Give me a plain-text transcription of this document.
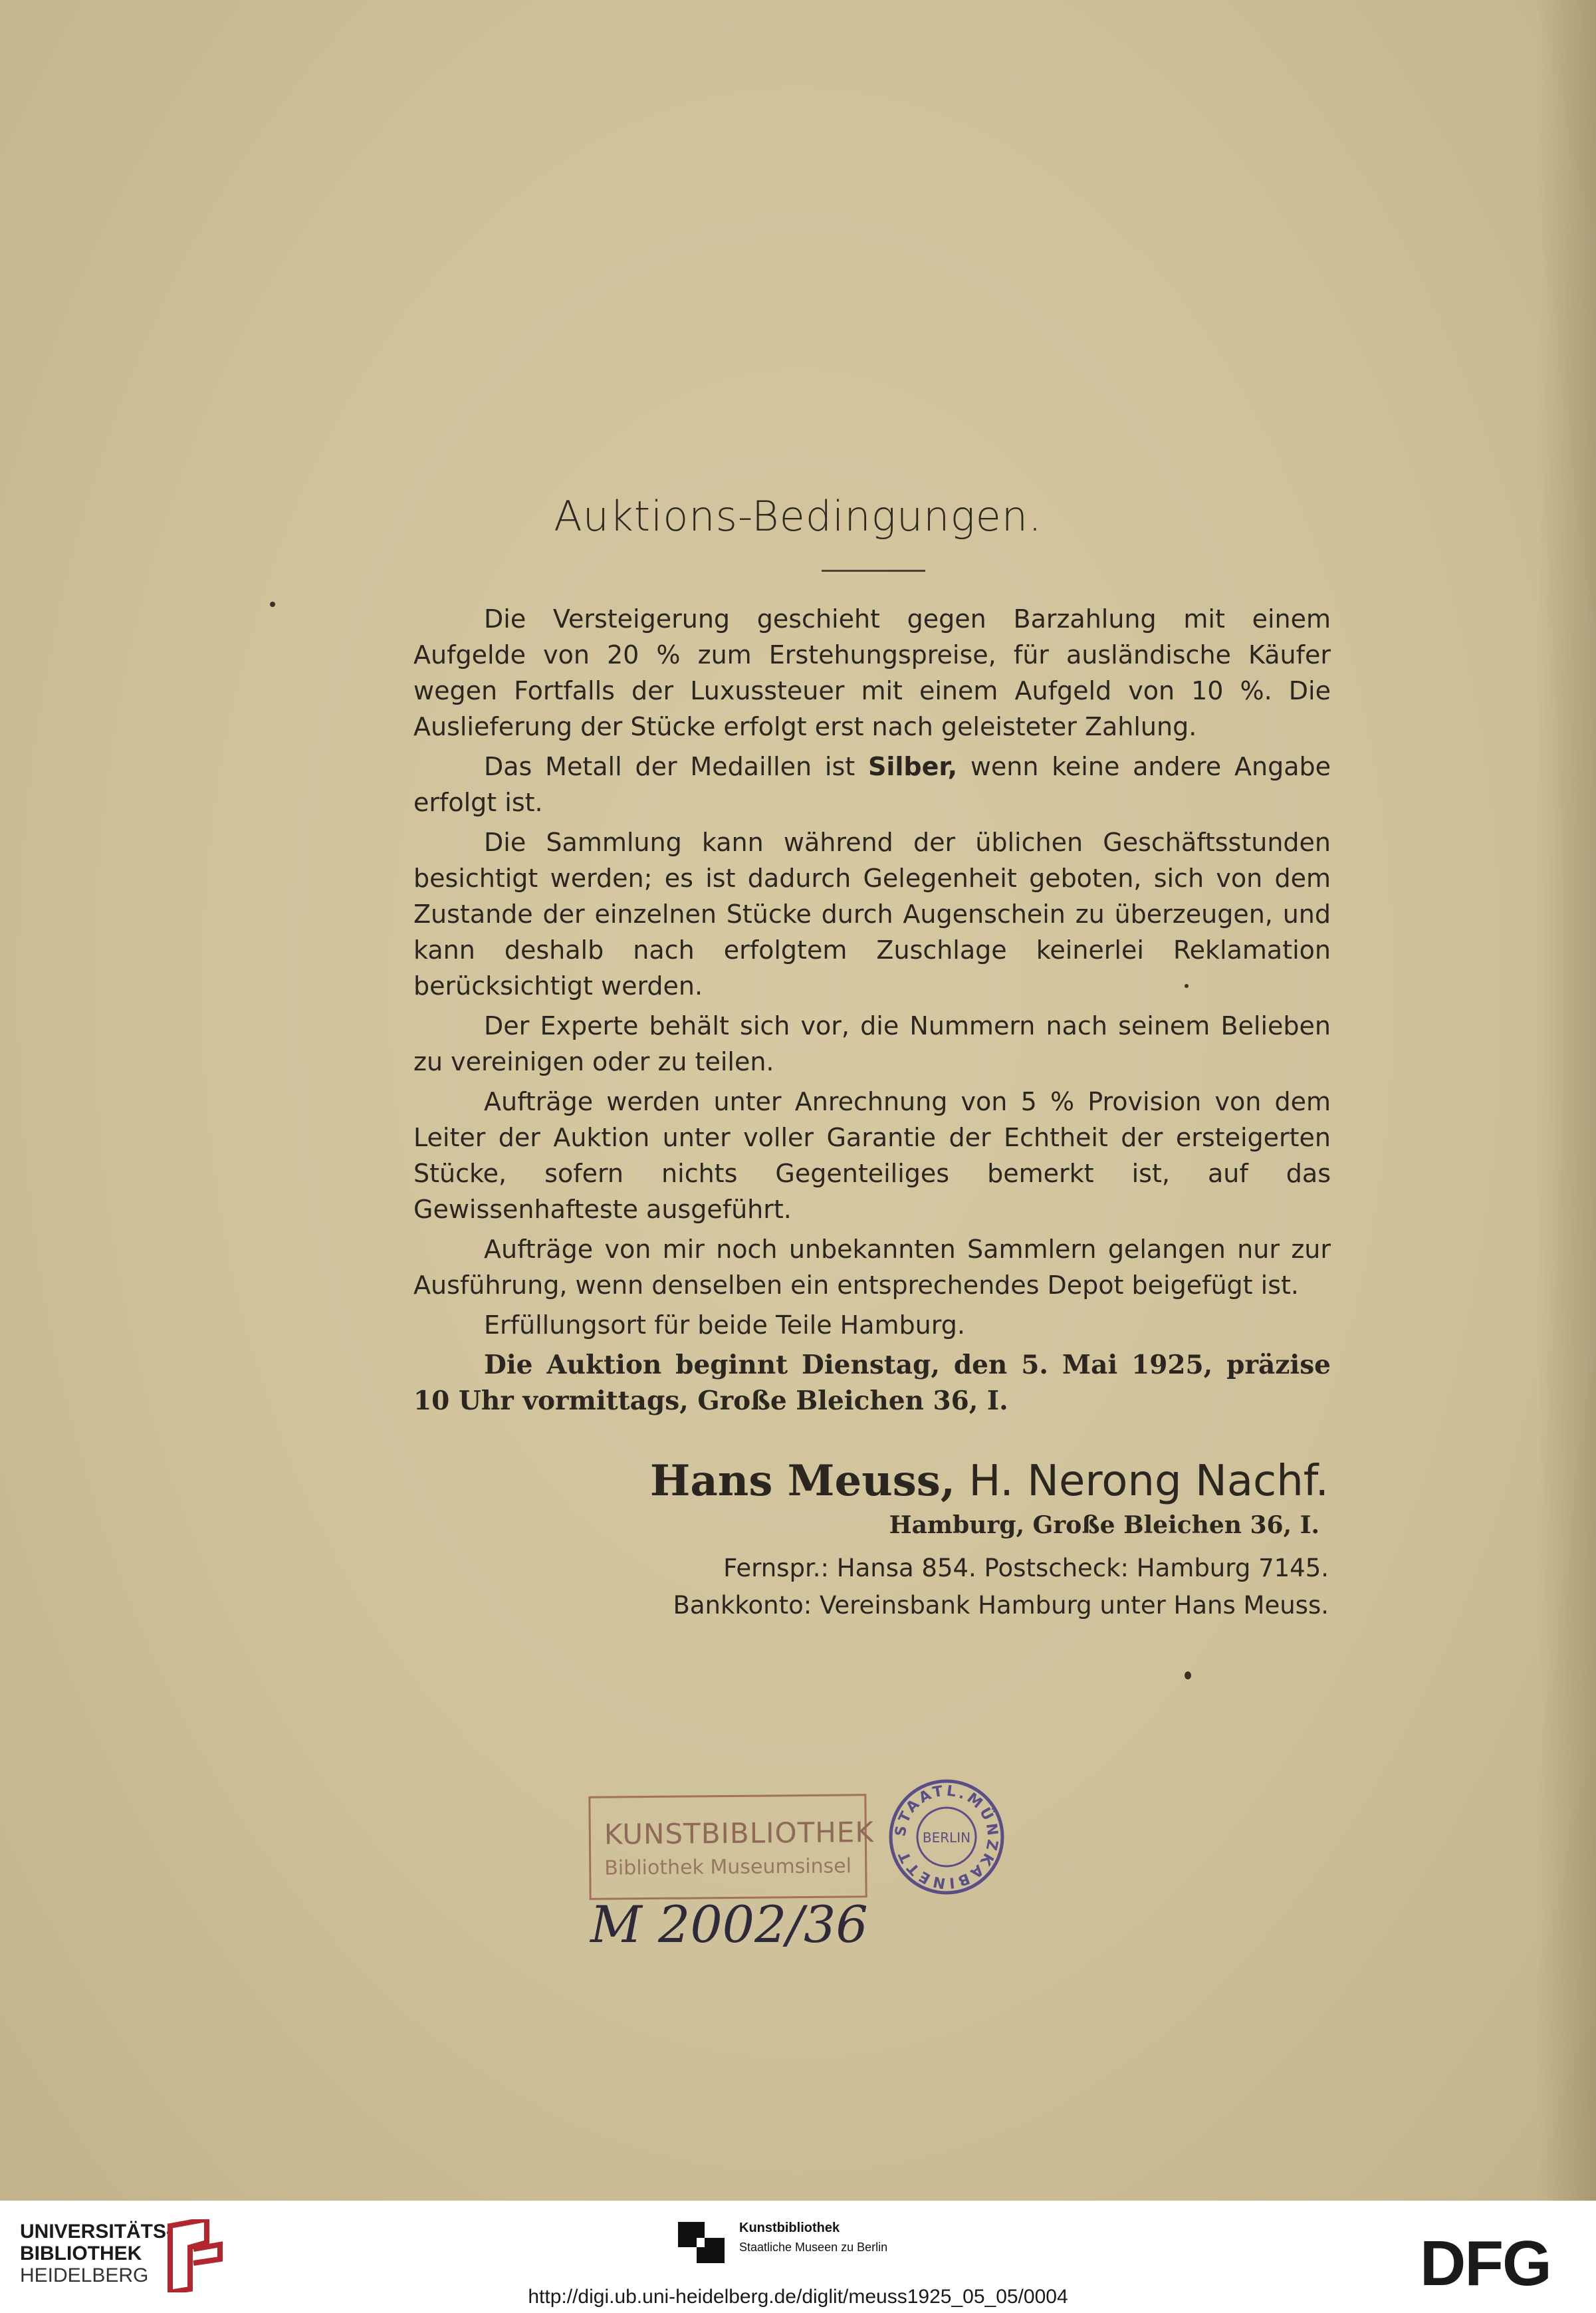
Auktions-Bedingungen.

Die Versteigerung geschieht gegen Barzahlung mit einem Aufgelde von 20 % zum Erstehungspreise, für ausländische Käufer wegen Fortfalls der Luxussteuer mit einem Aufgeld von 10 %. Die Auslieferung der Stücke erfolgt erst nach geleisteter Zahlung.

Das Metall der Medaillen ist Silber, wenn keine andere Angabe erfolgt ist.

Die Sammlung kann während der üblichen Geschäftsstunden besichtigt werden; es ist dadurch Gelegenheit geboten, sich von dem Zustande der einzelnen Stücke durch Augenschein zu überzeugen, und kann deshalb nach erfolgtem Zuschlage keinerlei Reklamation berücksichtigt werden.

Der Experte behält sich vor, die Nummern nach seinem Belieben zu vereinigen oder zu teilen.

Aufträge werden unter Anrechnung von 5 % Provision von dem Leiter der Auktion unter voller Garantie der Echtheit der ersteigerten Stücke, sofern nichts Gegenteiliges bemerkt ist, auf das Gewissenhafteste ausgeführt.

Aufträge von mir noch unbekannten Sammlern gelangen nur zur Ausführung, wenn denselben ein entsprechendes Depot beigefügt ist.

Erfüllungsort für beide Teile Hamburg.

Die Auktion beginnt Dienstag, den 5. Mai 1925, präzise 10 Uhr vormittags, Große Bleichen 36, I.

Hans Meuss, H. Nerong Nachf.
Hamburg, Große Bleichen 36, I.
Fernspr.: Hansa 854. Postscheck: Hamburg 7145.
Bankkonto: Vereinsbank Hamburg unter Hans Meuss.
KUNSTBIBLIOTHEK
Bibliothek Museumsinsel
STAATL.MÜNZKABINETT
BERLIN
M 2002/36
UNIVERSITÄTS-
BIBLIOTHEK
HEIDELBERG
Kunstbibliothek
Staatliche Museen zu Berlin	DFG
http://digi.ub.uni-heidelberg.de/diglit/meuss1925_05_05/0004
